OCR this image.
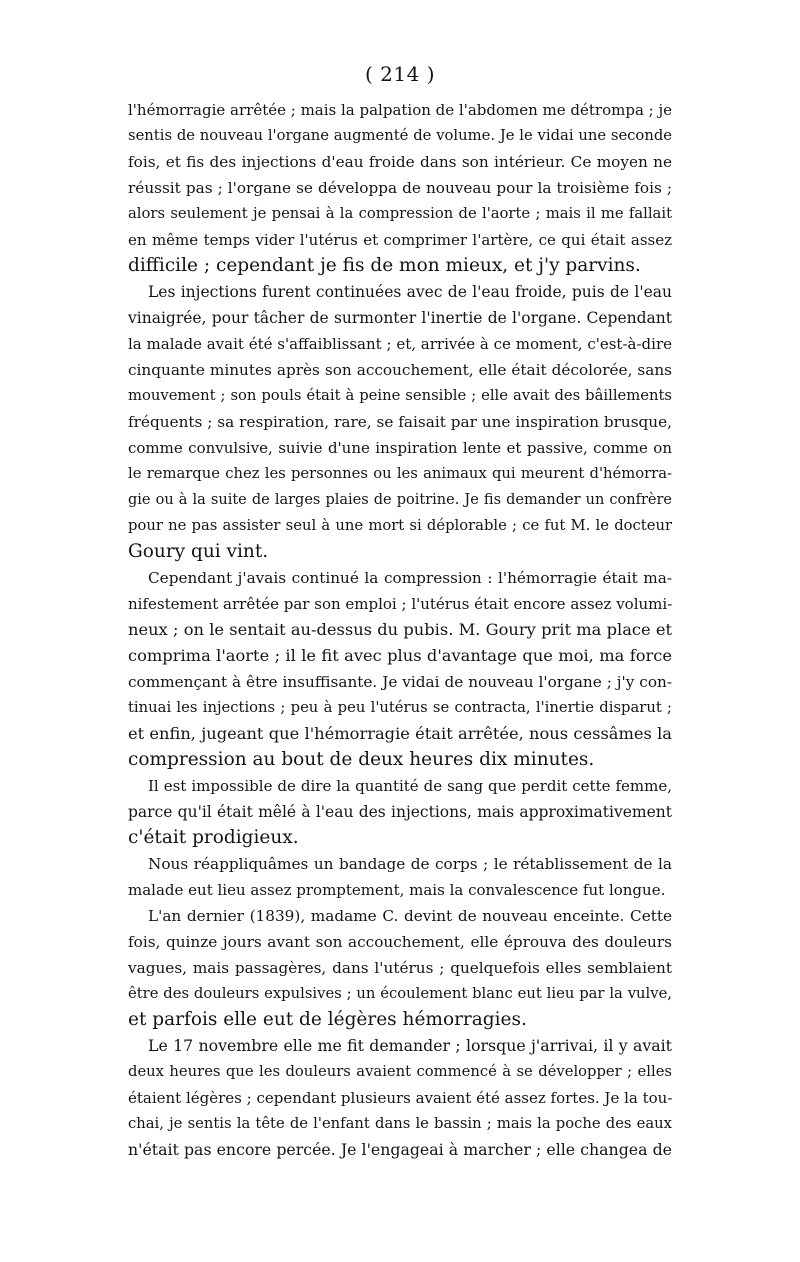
( 214 )
l'hémorragie arrêtée ; mais la palpation de l'abdomen me détrompa ; je
sentis de nouveau l'organe augmenté de volume. Je le vidai une seconde
fois, et fis des injections d'eau froide dans son intérieur. Ce moyen ne
réussit pas ; l'organe se développa de nouveau pour la troisième fois ;
alors seulement je pensai à la compression de l'aorte ; mais il me fallait
en même temps vider l'utérus et comprimer l'artère, ce qui était assez
difficile ; cependant je fis de mon mieux, et j'y parvins.
Les injections furent continuées avec de l'eau froide, puis de l'eau
vinaigrée, pour tâcher de surmonter l'inertie de l'organe. Cependant
la malade avait été s'affaiblissant ; et, arrivée à ce moment, c'est-à-dire
cinquante minutes après son accouchement, elle était décolorée, sans
mouvement ; son pouls était à peine sensible ; elle avait des bâillements
fréquents ; sa respiration, rare, se faisait par une inspiration brusque,
comme convulsive, suivie d'une inspiration lente et passive, comme on
le remarque chez les personnes ou les animaux qui meurent d'hémorra-
gie ou à la suite de larges plaies de poitrine. Je fis demander un confrère
pour ne pas assister seul à une mort si déplorable ; ce fut M. le docteur
Goury qui vint.
Cependant j'avais continué la compression : l'hémorragie était ma-
nifestement arrêtée par son emploi ; l'utérus était encore assez volumi-
neux ; on le sentait au-dessus du pubis. M. Goury prit ma place et
comprima l'aorte ; il le fit avec plus d'avantage que moi, ma force
commençant à être insuffisante. Je vidai de nouveau l'organe ; j'y con-
tinuai les injections ; peu à peu l'utérus se contracta, l'inertie disparut ;
et enfin, jugeant que l'hémorragie était arrêtée, nous cessâmes la
compression au bout de deux heures dix minutes.
Il est impossible de dire la quantité de sang que perdit cette femme,
parce qu'il était mêlé à l'eau des injections, mais approximativement
c'était prodigieux.
Nous réappliquâmes un bandage de corps ; le rétablissement de la
malade eut lieu assez promptement, mais la convalescence fut longue.
L'an dernier (1839), madame C. devint de nouveau enceinte. Cette
fois, quinze jours avant son accouchement, elle éprouva des douleurs
vagues, mais passagères, dans l'utérus ; quelquefois elles semblaient
être des douleurs expulsives ; un écoulement blanc eut lieu par la vulve,
et parfois elle eut de légères hémorragies.
Le 17 novembre elle me fit demander ; lorsque j'arrivai, il y avait
deux heures que les douleurs avaient commencé à se développer ; elles
étaient légères ; cependant plusieurs avaient été assez fortes. Je la tou-
chai, je sentis la tête de l'enfant dans le bassin ; mais la poche des eaux
n'était pas encore percée. Je l'engageai à marcher ; elle changea de
